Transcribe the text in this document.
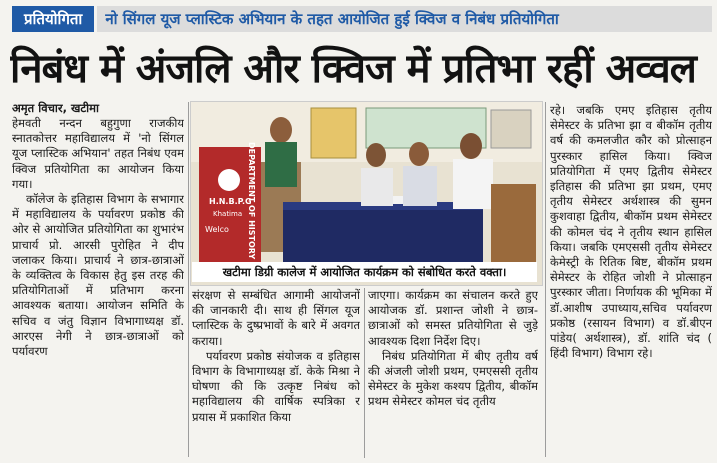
प्रतियोगिता	नो सिंगल यूज प्लास्टिक अभियान के तहत आयोजित हुई क्विज व निबंध प्रतियोगिता
निबंध में अंजलि और क्विज में प्रतिभा रहीं अव्वल
अमृत विचार, खटीमा
DEPARTMENT OF HISTORY
H.N.B.P.G
Khatima
Welco
खटीमा डिग्री कालेज में आयोजित कार्यक्रम को संबोधित करते वक्ता।

हेमवती नन्दन बहुगुणा राजकीय स्नातकोत्तर महाविद्यालय में 'नो सिंगल यूज प्लास्टिक अभियान' तहत निबंध एवम क्विज प्रतियोगिता का आयोजन किया गया।

कॉलेज के इतिहास विभाग के सभागार में महाविद्यालय के पर्यावरण प्रकोष्ठ की ओर से आयोजित प्रतियोगिता का शुभारंभ प्राचार्य प्रो. आरसी पुरोहित ने दीप जलाकर किया। प्राचार्य ने छात्र-छात्राओं के व्यक्तित्व के विकास हेतु इस तरह की प्रतियोगिताओं में प्रतिभाग करना आवश्यक बताया। आयोजन समिति के सचिव व जंतु विज्ञान विभागाध्यक्ष डॉ. आरएस नेगी ने छात्र-छात्राओं को पर्यावरण

संरक्षण से सम्बंधित आगामी आयोजनों की जानकारी दी। साथ ही सिंगल यूज प्लास्टिक के दुष्प्रभावों के बारे में अवगत कराया।

पर्यावरण प्रकोष्ठ संयोजक व इतिहास विभाग के विभागाध्यक्ष डॉ. केके मिश्रा ने घोषणा की कि उत्कृष्ट निबंध को महाविद्यालय की वार्षिक स्पत्रिका र प्रयास में प्रकाशित किया

जाएगा। कार्यक्रम का संचालन करते हुए आयोजक डॉ. प्रशान्त जोशी ने छात्र-छात्राओं को समस्त प्रतियोगिता से जुड़े आवश्यक दिशा निर्देश दिए।

निबंध प्रतियोगिता में बीए तृतीय वर्ष की अंजली जोशी प्रथम, एमएससी तृतीय सेमेस्टर के मुकेश कश्यप द्वितीय, बीकॉम प्रथम सेमेस्टर कोमल चंद तृतीय

रहे। जबकि एमए इतिहास तृतीय सेमेस्टर के प्रतिभा झा व बीकॉम तृतीय वर्ष की कमलजीत कौर को प्रोत्साहन पुरस्कार हासिल किया। क्विज प्रतियोगिता में एमए द्वितीय सेमेस्टर इतिहास की प्रतिभा झा प्रथम, एमए तृतीय सेमेस्टर अर्थशास्त्र की सुमन कुशवाहा द्वितीय, बीकॉम प्रथम सेमेस्टर की कोमल चंद ने तृतीय स्थान हासिल किया। जबकि एमएससी तृतीय सेमेस्टर केमेस्ट्री के रितिक बिष्ट, बीकॉम प्रथम सेमेस्टर के रोहित जोशी ने प्रोत्साहन पुरस्कार जीता। निर्णायक की भूमिका में डॉ.आशीष उपाध्याय,सचिव पर्यावरण प्रकोष्ठ (रसायन विभाग) व डॉ.बीएन पांडेय( अर्थशास्त्र), डॉ. शांति चंद ( हिंदी विभाग) विभाग रहे।
